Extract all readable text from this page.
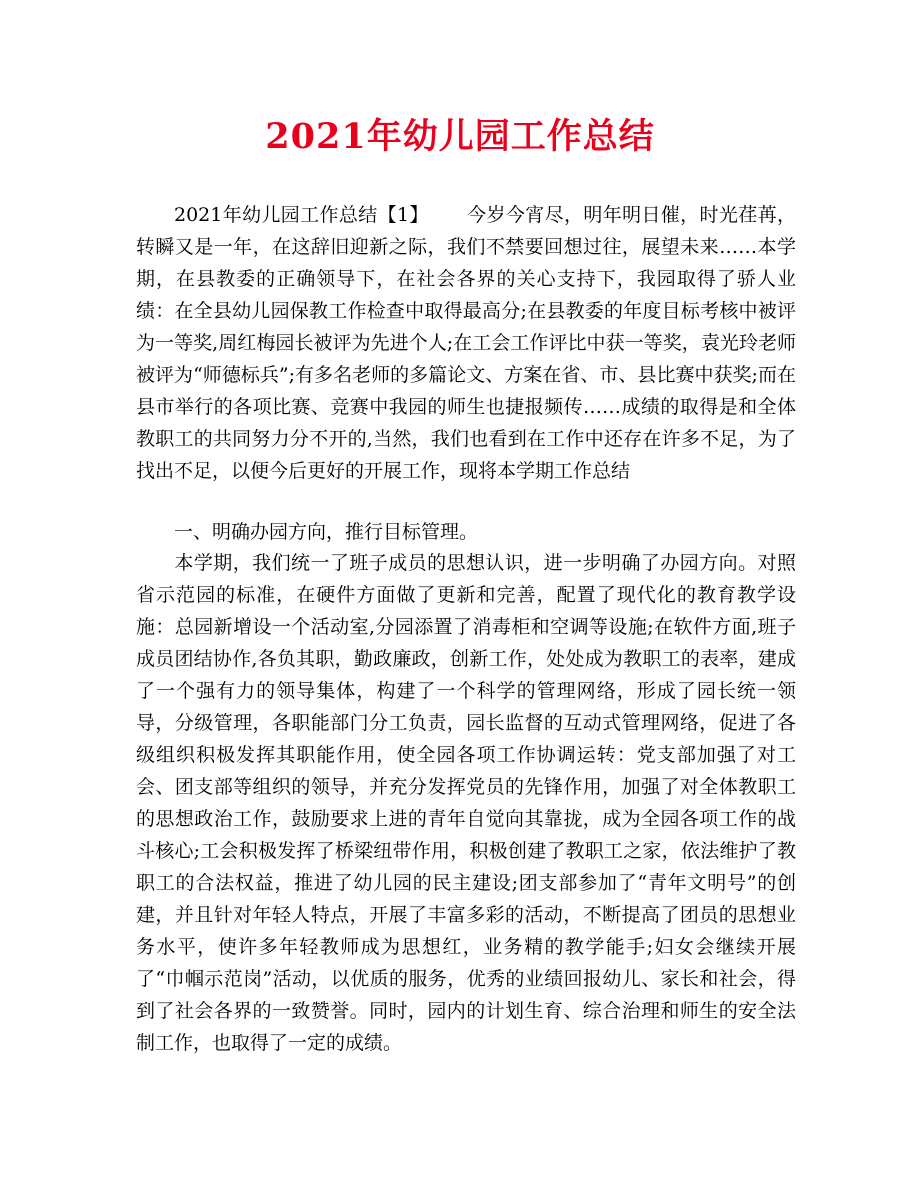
2021年幼儿园工作总结

2021年幼儿园工作总结【1】 今岁今宵尽，明年明日催，时光荏苒，转瞬又是一年，在这辞旧迎新之际，我们不禁要回想过往，展望未来……本学期，在县教委的正确领导下，在社会各界的关心支持下，我园取得了骄人业绩：在全县幼儿园保教工作检查中取得最高分;在县教委的年度目标考核中被评为一等奖,周红梅园长被评为先进个人;在工会工作评比中获一等奖，袁光玲老师被评为“师德标兵”;有多名老师的多篇论文、方案在省、市、县比赛中获奖;而在县市举行的各项比赛、竞赛中我园的师生也捷报频传……成绩的取得是和全体教职工的共同努力分不开的,当然，我们也看到在工作中还存在许多不足，为了找出不足，以便今后更好的开展工作，现将本学期工作总结

一、明确办园方向，推行目标管理。

本学期，我们统一了班子成员的思想认识，进一步明确了办园方向。对照省示范园的标准，在硬件方面做了更新和完善，配置了现代化的教育教学设施：总园新增设一个活动室,分园添置了消毒柜和空调等设施;在软件方面,班子成员团结协作,各负其职，勤政廉政，创新工作，处处成为教职工的表率，建成了一个强有力的领导集体，构建了一个科学的管理网络，形成了园长统一领导，分级管理，各职能部门分工负责，园长监督的互动式管理网络，促进了各级组织积极发挥其职能作用，使全园各项工作协调运转：党支部加强了对工会、团支部等组织的领导，并充分发挥党员的先锋作用，加强了对全体教职工的思想政治工作，鼓励要求上进的青年自觉向其靠拢，成为全园各项工作的战斗核心;工会积极发挥了桥梁纽带作用，积极创建了教职工之家，依法维护了教职工的合法权益，推进了幼儿园的民主建设;团支部参加了“青年文明号”的创建，并且针对年轻人特点，开展了丰富多彩的活动，不断提高了团员的思想业务水平，使许多年轻教师成为思想红，业务精的教学能手;妇女会继续开展了“巾帼示范岗”活动，以优质的服务，优秀的业绩回报幼儿、家长和社会，得到了社会各界的一致赞誉。同时，园内的计划生育、综合治理和师生的安全法制工作，也取得了一定的成绩。
